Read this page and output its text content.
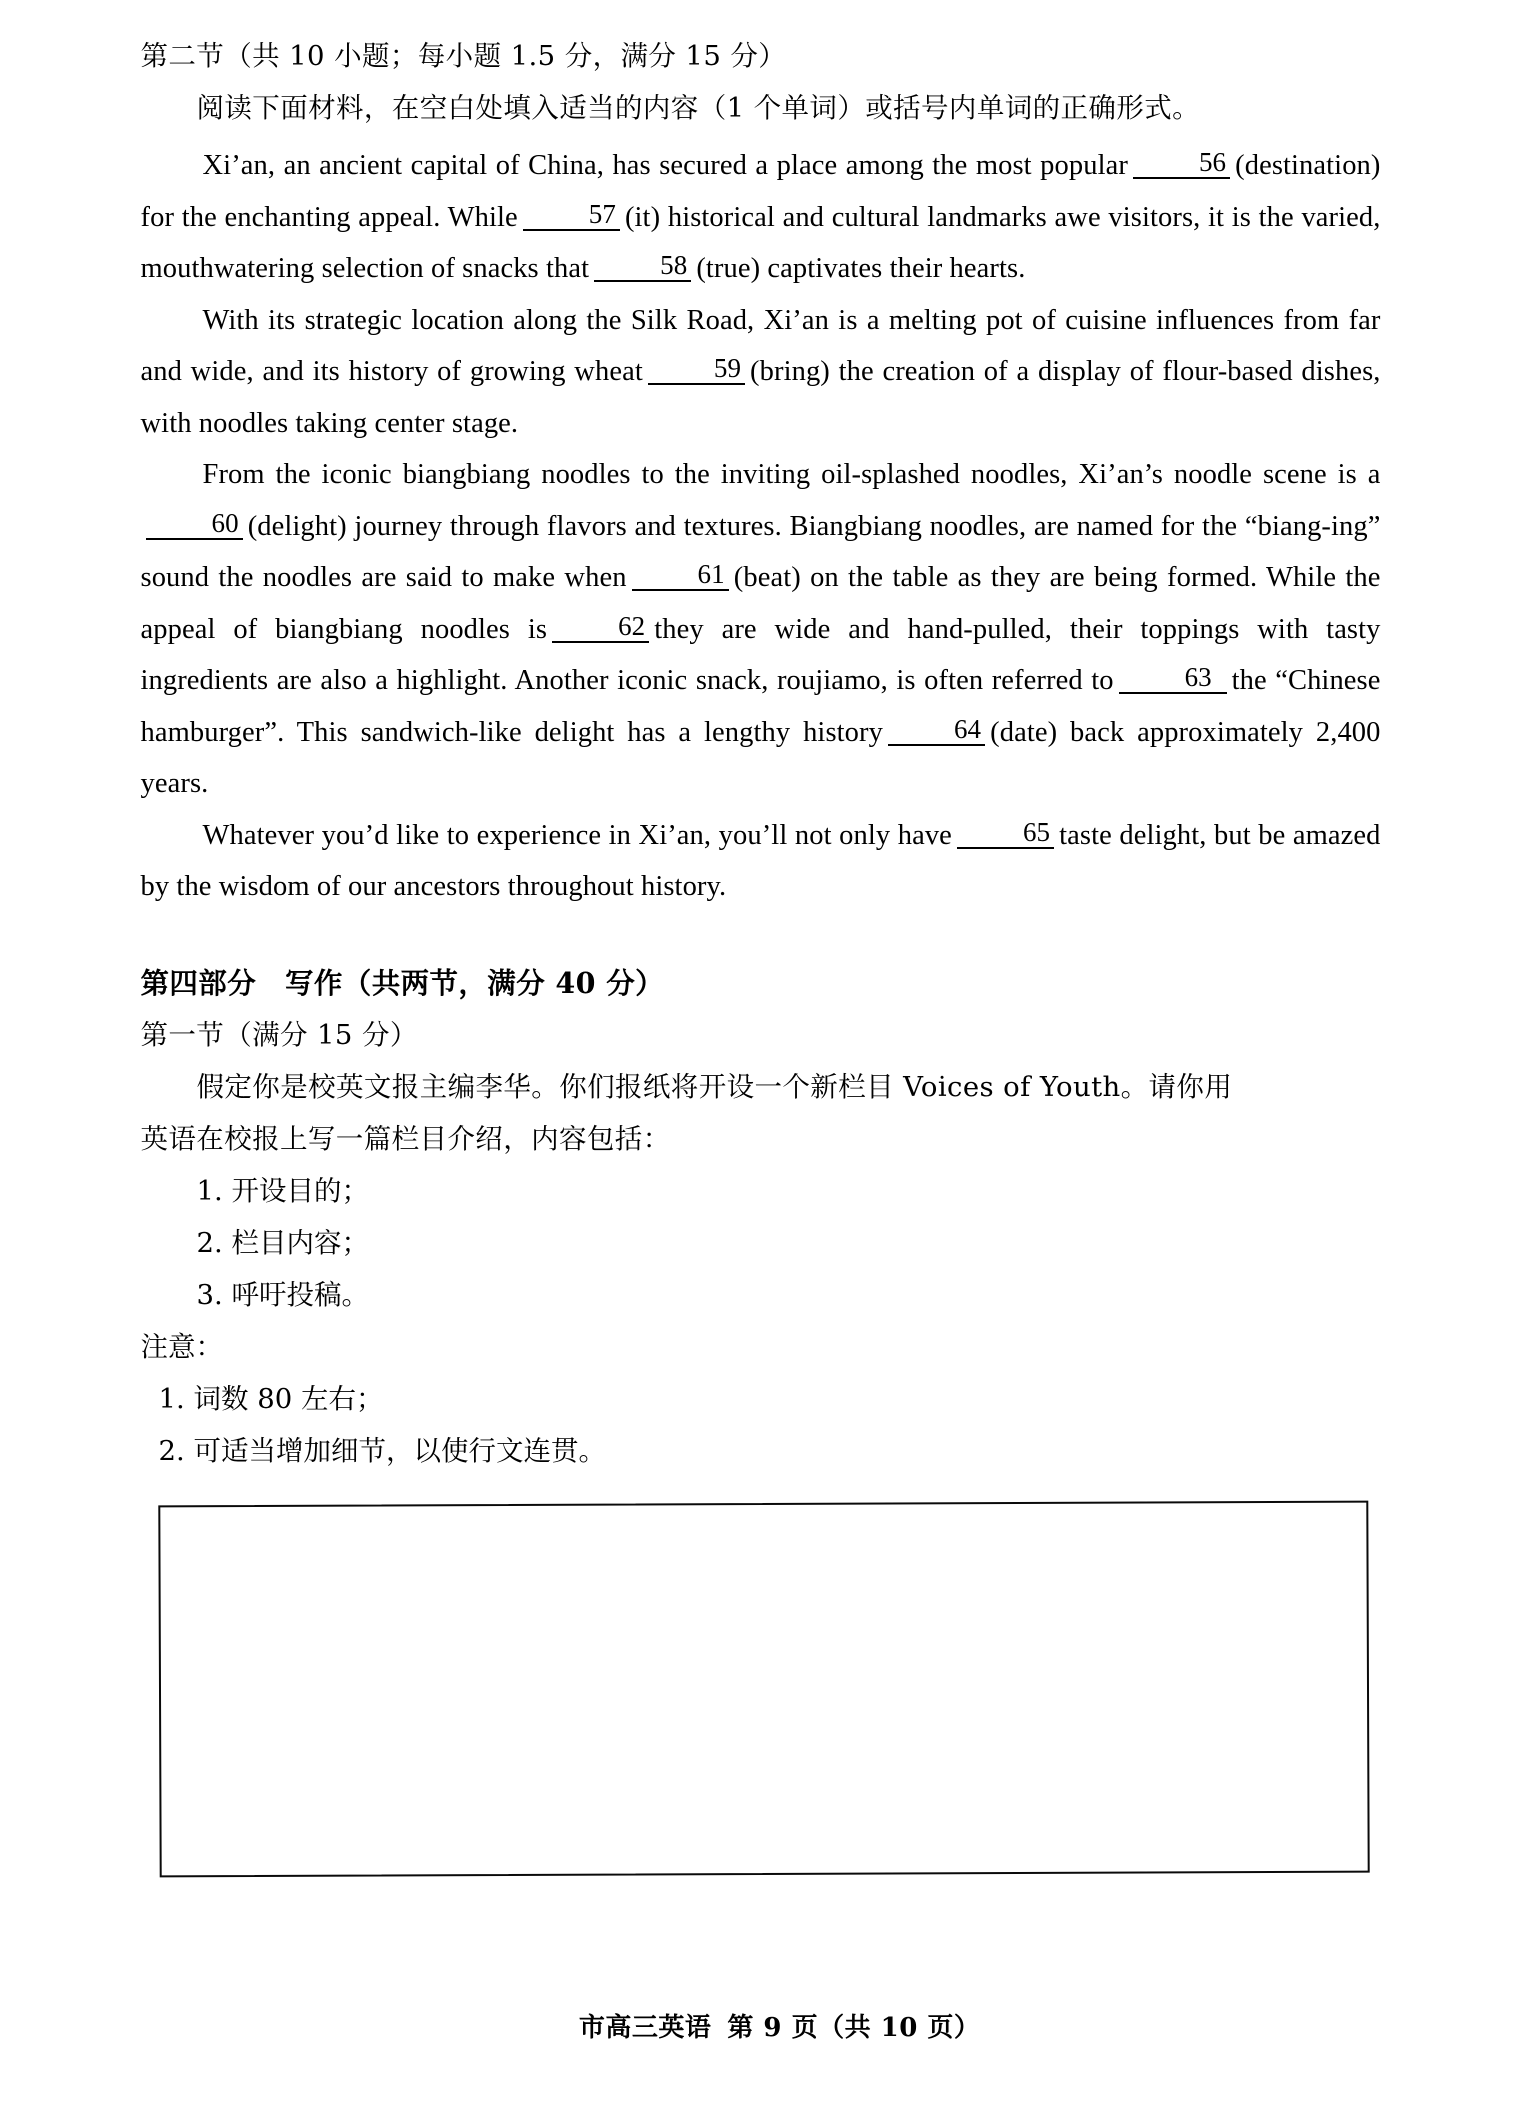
第二节（共 10 小题；每小题 1.5 分，满分 15 分）
阅读下面材料，在空白处填入适当的内容（1 个单词）或括号内单词的正确形式。

Xi’an, an ancient capital of China, has secured a place among the most popular	56 (destination) for the enchanting appeal. While	57 (it) historical and cultural landmarks awe visitors, it is the varied, mouthwatering selection of snacks that	58 (true) captivates their hearts.

With its strategic location along the Silk Road, Xi’an is a melting pot of cuisine influences from far and wide, and its history of growing wheat	59 (bring) the creation of a display of flour-based dishes, with noodles taking center stage.

From the iconic biangbiang noodles to the inviting oil-splashed noodles, Xi’an’s noodle scene is a60 (delight) journey through flavors and textures. Biangbiang noodles, are named for the “biang-ing” sound the noodles are said to make when	61 (beat) on the table as they are being formed. While the appeal of biangbiang noodles is	62 they are wide and hand-pulled, their toppings with tasty ingredients are also a highlight. Another iconic snack, roujiamo, is often referred to	63 the “Chinese hamburger”. This sandwich-like delight has a lengthy history	64 (date) back approximately 2,400 years.

Whatever you’d like to experience in Xi’an, you’ll not only have	65 taste delight, but be amazed by the wisdom of our ancestors throughout history.

第四部分　写作（共两节，满分 40 分）
第一节（满分 15 分）
假定你是校英文报主编李华。你们报纸将开设一个新栏目 Voices of Youth。请你用
英语在校报上写一篇栏目介绍，内容包括：
1. 开设目的；
2. 栏目内容；
3. 呼吁投稿。
注意：
1. 词数 80 左右；
2. 可适当增加细节，以使行文连贯。

市高三英语 第 9 页（共 10 页）
